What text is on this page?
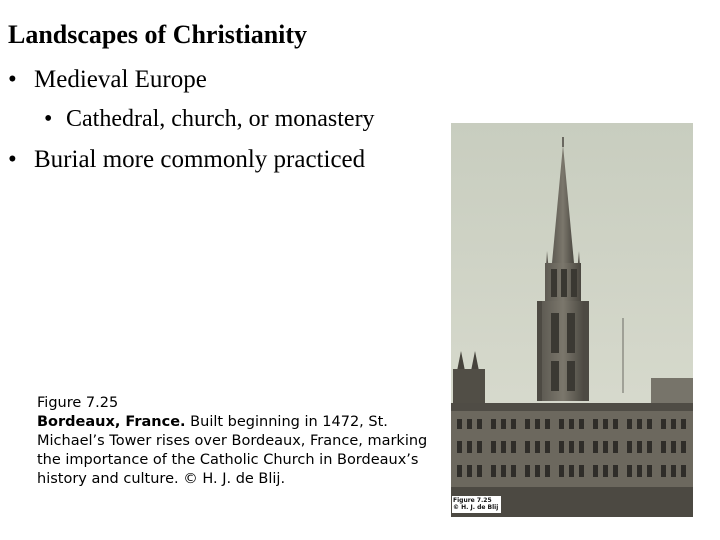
Landscapes of Christianity
• Medieval Europe
• Cathedral, church, or monastery
• Burial more commonly practiced
Figure 7.25
Bordeaux, France. Built beginning in 1472, St. Michael’s Tower rises over Bordeaux, France, marking the importance of the Catholic Church in Bordeaux’s history and culture. © H. J. de Blij.
Figure 7.25
© H. J. de Blij
